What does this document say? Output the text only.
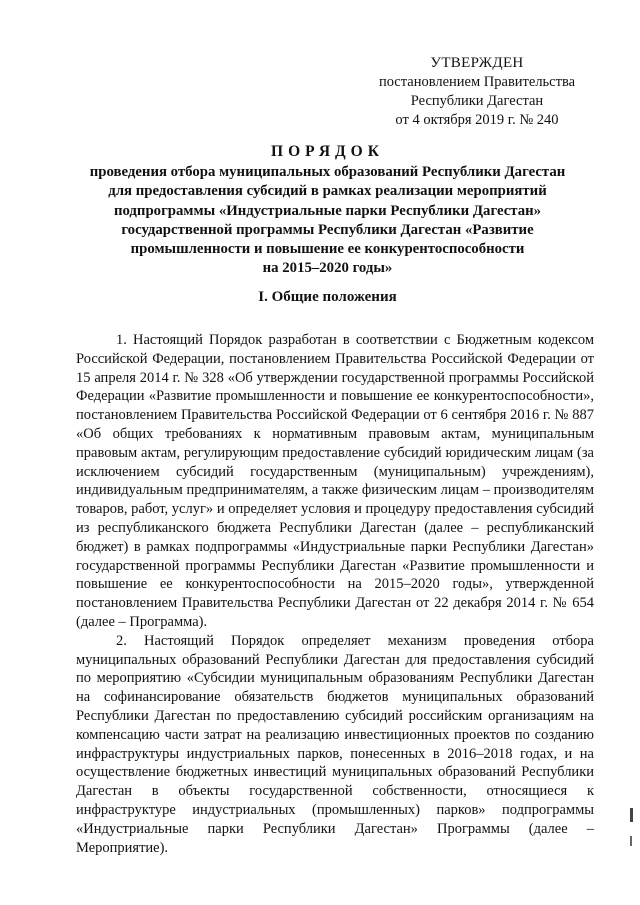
УТВЕРЖДЕН
постановлением Правительства
Республики Дагестан
от 4 октября 2019 г. № 240
ПОРЯДОК
проведения отбора муниципальных образований Республики Дагестан
для предоставления субсидий в рамках реализации мероприятий
подпрограммы «Индустриальные парки Республики Дагестан»
государственной программы Республики Дагестан «Развитие
промышленности и повышение ее конкурентоспособности
на 2015–2020 годы»
I. Общие положения

1. Настоящий Порядок разработан в соответствии с Бюджетным кодексом Российской Федерации, постановлением Правительства Российской Федерации от 15 апреля 2014 г. № 328 «Об утверждении государственной программы Российской Федерации «Развитие промышленности и повышение ее конкурентоспособности», постановлением Правительства Российской Федерации от 6 сентября 2016 г. № 887 «Об общих требованиях к нормативным правовым актам, муниципальным правовым актам, регулирующим предоставление субсидий юридическим лицам (за исключением субсидий государственным (муниципальным) учреждениям), индивидуальным предпринимателям, а также физическим лицам – производителям товаров, работ, услуг» и определяет условия и процедуру предоставления субсидий из республиканского бюджета Республики Дагестан (далее – республиканский бюджет) в рамках подпрограммы «Индустриальные парки Республики Дагестан» государственной программы Республики Дагестан «Развитие промышленности и повышение ее конкурентоспособности на 2015–2020 годы», утвержденной постановлением Правительства Республики Дагестан от 22 декабря 2014 г. № 654 (далее – Программа).

2. Настоящий Порядок определяет механизм проведения отбора муниципальных образований Республики Дагестан для предоставления субсидий по мероприятию «Субсидии муниципальным образованиям Республики Дагестан на софинансирование обязательств бюджетов муниципальных образований Республики Дагестан по предоставлению субсидий российским организациям на компенсацию части затрат на реализацию инвестиционных проектов по созданию инфраструктуры индустриальных парков, понесенных в 2016–2018 годах, и на осуществление бюджетных инвестиций муниципальных образований Республики Дагестан в объекты государственной собственности, относящиеся к инфраструктуре индустриальных (промышленных) парков» подпрограммы «Индустриальные парки Республики Дагестан» Программы (далее – Мероприятие).
